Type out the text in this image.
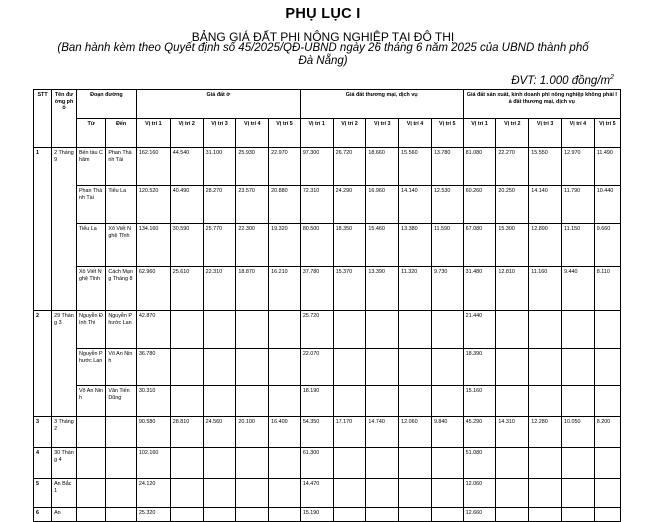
PHỤ LỤC I
BẢNG GIÁ ĐẤT PHI NÔNG NGHIỆP TẠI ĐÔ THỊ
(Ban hành kèm theo Quyết định số 45/2025/QĐ-UBND ngày 26 tháng 6 năm 2025 của UBND thành phố
Đà Nẵng)
ĐVT: 1.000 đồng/$m^2$
STT	Tên đường phố	Đoạn đường		Giá đất ở					Giá đất thương mại, dịch vụ					Giá đất sản xuất, kinh doanh phi nông nghiệp không phải là đất thương mại, dịch vụ				
		Từ	Đến	Vị trí 1	Vị trí 2	Vị trí 3	Vị trí 4	Vị trí 5	Vị trí 1	Vị trí 2	Vị trí 3	Vị trí 4	Vị trí 5	Vị trí 1	Vị trí 2	Vị trí 3	Vị trí 4	Vị trí 5
1	2 Tháng 9	Bến tàu Chăm	Phan Thành Tài	162.160	44.540	31.100	25.930	22.970	97.300	26.720	18.660	15.560	13.780	81.080	22.270	15.550	12.970	11.490
		Phan Thành Tài	Tiểu La	120.520	40.490	28.270	23.570	20.880	72.310	24.290	16.960	14.140	12.530	60.260	20.250	14.140	11.790	10.440
		Tiểu La	Xô Viết Nghệ Tĩnh	134.160	30.590	25.770	22.300	19.320	80.500	18.350	15.460	13.380	11.590	67.080	15.300	12.890	11.150	9.660
		Xô Viết Nghệ Tĩnh	Cách Mạng Tháng 8	62.960	25.610	22.310	18.870	16.210	37.780	15.370	13.390	11.320	9.730	31.480	12.810	11.160	9.440	8.110
2	29 Tháng 3	Nguyễn Đình Thi	Nguyễn Phước Lan	42.870					25.720					21.440				
		Nguyễn Phước Lan	Võ An Ninh	36.780					22.070					18.390				
		Võ An Ninh	Văn Tiến Dũng	30.310					18.190					15.160				
3	3 Tháng 2			90.580	28.810	24.560	20.100	16.400	54.350	17.170	14.740	12.060	9.840	45.290	14.310	12.280	10.050	8.200
4	30 Tháng 4			102.160					61.300					51.080				
5	An Bắc 1			24.120					14.470					12.060				
6	An			25.320					15.190					12.660				
